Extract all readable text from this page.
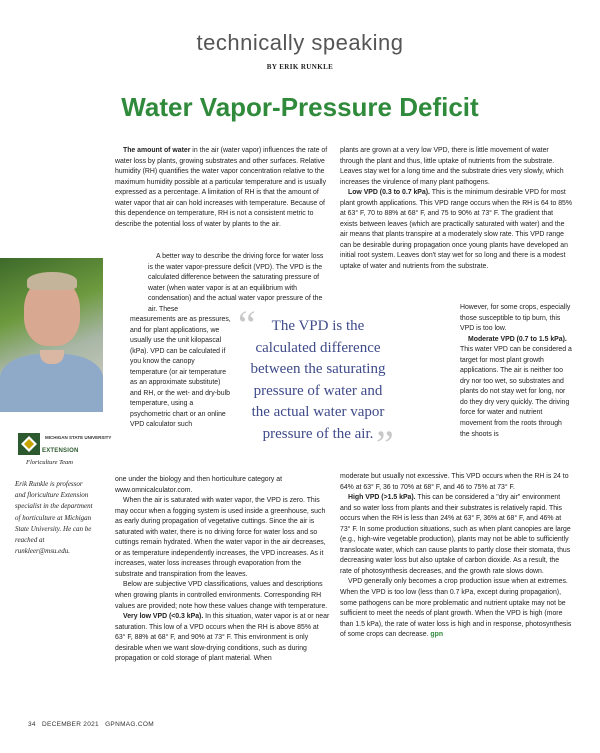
technically speaking
BY ERIK RUNKLE
Water Vapor-Pressure Deficit

The amount of water in the air (water vapor) influences the rate of water loss by plants, growing substrates and other surfaces. Relative humidity (RH) quantifies the water vapor concentration relative to the maximum humidity possible at a particular temperature and is usually expressed as a percentage. A limitation of RH is that the amount of water vapor that air can hold increases with temperature. Because of this dependence on temperature, RH is not a consistent metric to describe the potential loss of water by plants to the air.

A better way to describe the driving force for water loss is the water vapor-pressure deficit (VPD). The VPD is the calculated difference between the saturating pressure of water (when water vapor is at an equilibrium with condensation) and the actual water vapor pressure of the air. These

measurements are as pressures, and for plant applications, we usually use the unit kilopascal (kPa). VPD can be calculated if you know the canopy temperature (or air temperature as an approximate substitute) and RH, or the wet- and dry-bulb temperature, using a psychometric chart or an online VPD calculator such

one under the biology and then horticulture category at www.omnicalculator.com.

When the air is saturated with water vapor, the VPD is zero. This may occur when a fogging system is used inside a greenhouse, such as early during propagation of vegetative cuttings. Since the air is saturated with water, there is no driving force for water loss and so cuttings remain hydrated. When the water vapor in the air decreases, or as temperature independently increases, the VPD increases. As it increases, water loss increases through evaporation from the substrate and transpiration from the leaves.

Below are subjective VPD classifications, values and descriptions when growing plants in controlled environments. Corresponding RH values are provided; note how these values change with temperature.

Very low VPD (<0.3 kPa). In this situation, water vapor is at or near saturation. This low of a VPD occurs when the RH is above 85% at 63° F, 88% at 68° F, and 90% at 73° F. This environment is only desirable when we want slow-drying conditions, such as during propagation or cold storage of plant material. When

plants are grown at a very low VPD, there is little movement of water through the plant and thus, little uptake of nutrients from the substrate. Leaves stay wet for a long time and the substrate dries very slowly, which increases the virulence of many plant pathogens.

Low VPD (0.3 to 0.7 kPa). This is the minimum desirable VPD for most plant growth applications. This VPD range occurs when the RH is 64 to 85% at 63° F, 70 to 88% at 68° F, and 75 to 90% at 73° F. The gradient that exists between leaves (which are practically saturated with water) and the air means that plants transpire at a moderately slow rate. This VPD range can be desirable during propagation once young plants have developed an initial root system. Leaves don't stay wet for so long and there is a modest uptake of water and nutrients from the substrate.

However, for some crops, especially those susceptible to tip burn, this VPD is too low.

Moderate VPD (0.7 to 1.5 kPa). This water VPD can be considered a target for most plant growth applications. The air is neither too dry nor too wet, so substrates and plants do not stay wet for long, nor do they dry very quickly. The driving force for water and nutrient movement from the roots through the shoots is

moderate but usually not excessive. This VPD occurs when the RH is 24 to 64% at 63° F, 36 to 70% at 68° F, and 46 to 75% at 73° F.

High VPD (>1.5 kPa). This can be considered a "dry air" environment and so water loss from plants and their substrates is relatively rapid. This occurs when the RH is less than 24% at 63° F, 36% at 68° F, and 46% at 73° F. In some production situations, such as when plant canopies are large (e.g., high-wire vegetable production), plants may not be able to sufficiently translocate water, which can cause plants to partly close their stomata, thus decreasing water loss but also uptake of carbon dioxide. As a result, the rate of photosynthesis decreases, and the growth rate slows down.

VPD generally only becomes a crop production issue when at extremes. When the VPD is too low (less than 0.7 kPa, except during propagation), some pathogens can be more problematic and nutrient uptake may not be sufficient to meet the needs of plant growth. When the VPD is high (more than 1.5 kPa), the rate of water loss is high and in response, photosynthesis of some crops can decrease. gpn

“	The VPD is the calculated difference between the saturating pressure of water and the actual water vapor pressure of the air. ”
MICHIGAN STATE UNIVERSITY
EXTENSION
Floriculture Team
Erik Runkle is professor and floriculture Extension specialist in the department of horticulture at Michigan State University. He can be reached at runkleer@msu.edu.
34 DECEMBER 2021 GPNMAG.COM
